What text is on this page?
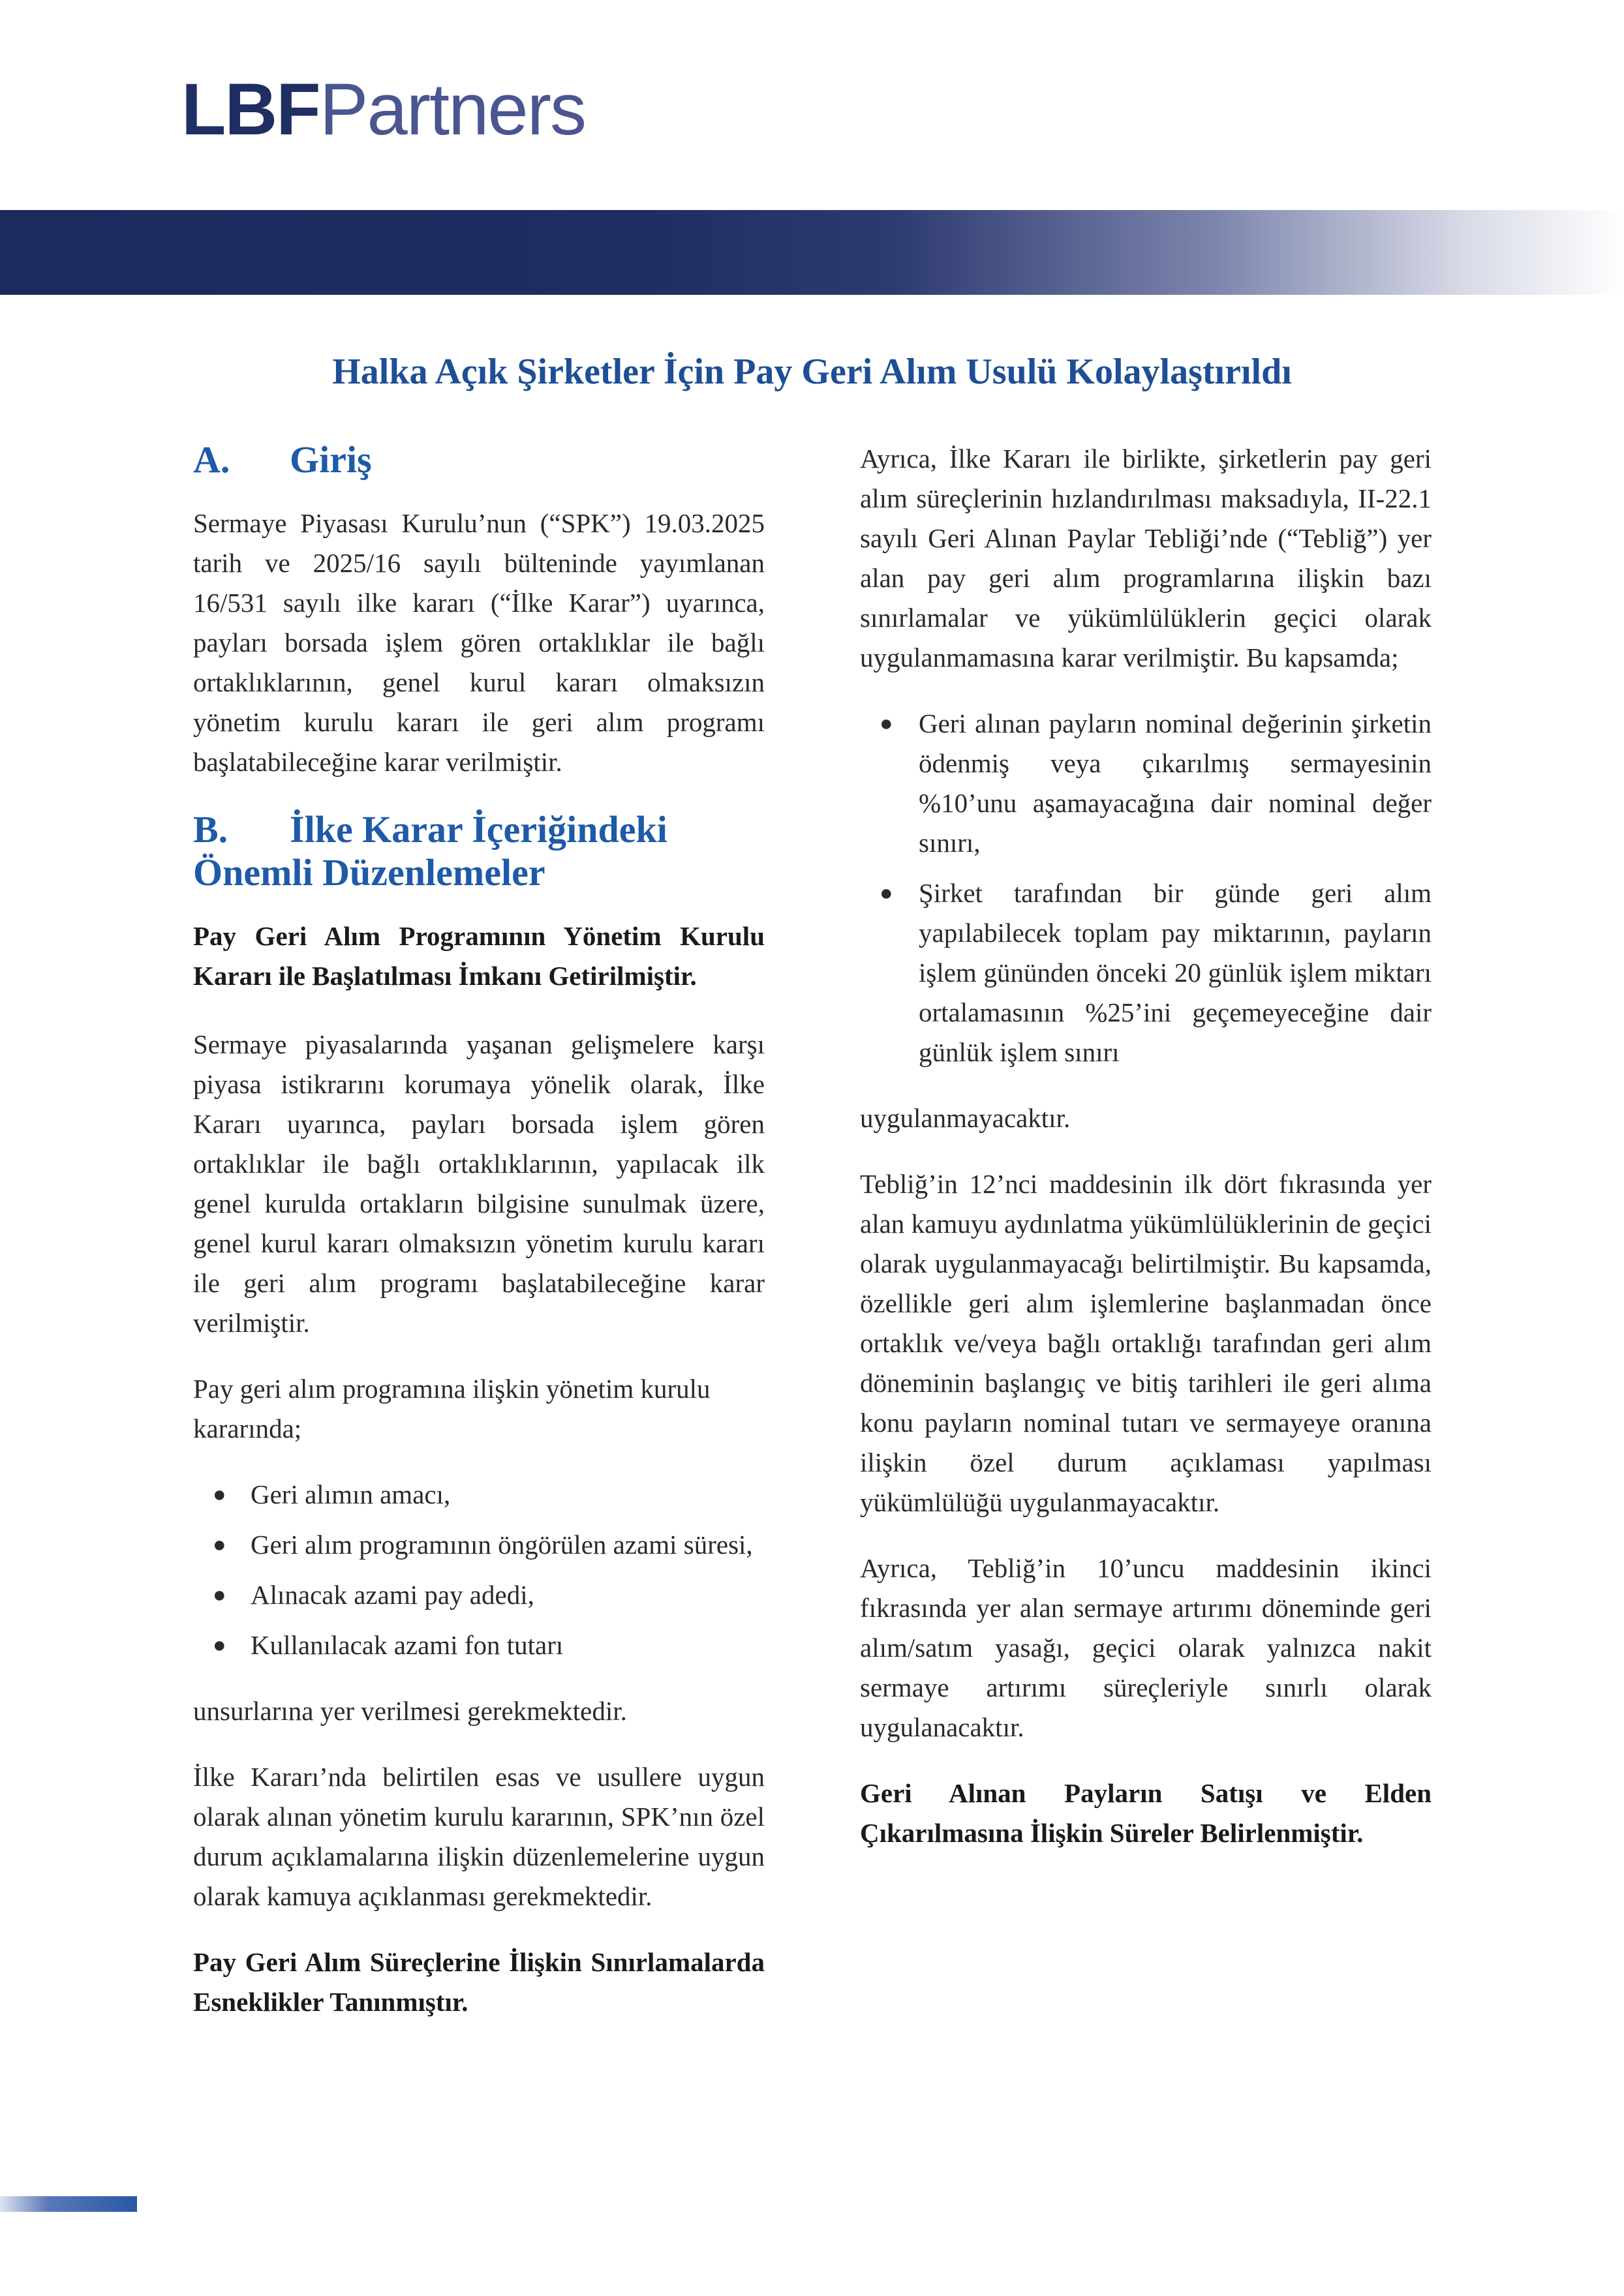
LBFPartners
Halka Açık Şirketler İçin Pay Geri Alım Usulü Kolaylaştırıldı
A. Giriş

Sermaye Piyasası Kurulu’nun (“SPK”) 19.03.2025 tarih ve 2025/16 sayılı bülteninde yayımlanan 16/531 sayılı ilke kararı (“İlke Karar”) uyarınca, payları borsada işlem gören ortaklıklar ile bağlı ortaklıklarının, genel kurul kararı olmaksızın yönetim kurulu kararı ile geri alım programı başlatabileceğine karar verilmiştir.

B. İlke Karar İçeriğindeki
Önemli Düzenlemeler

Pay Geri Alım Programının Yönetim Kurulu Kararı ile Başlatılması İmkanı Getirilmiştir.

Sermaye piyasalarında yaşanan gelişmelere karşı piyasa istikrarını korumaya yönelik olarak, İlke Kararı uyarınca, payları borsada işlem gören ortaklıklar ile bağlı ortaklıklarının, yapılacak ilk genel kurulda ortakların bilgisine sunulmak üzere, genel kurul kararı olmaksızın yönetim kurulu kararı ile geri alım programı başlatabileceğine karar verilmiştir.

Pay geri alım programına ilişkin yönetim kurulu kararında;

● Geri alımın amacı,
● Geri alım programının öngörülen azami süresi,
● Alınacak azami pay adedi,
● Kullanılacak azami fon tutarı

unsurlarına yer verilmesi gerekmektedir.

İlke Kararı’nda belirtilen esas ve usullere uygun olarak alınan yönetim kurulu kararının, SPK’nın özel durum açıklamalarına ilişkin düzenlemelerine uygun olarak kamuya açıklanması gerekmektedir.

Pay Geri Alım Süreçlerine İlişkin Sınırlamalarda Esneklikler Tanınmıştır.

Ayrıca, İlke Kararı ile birlikte, şirketlerin pay geri alım süreçlerinin hızlandırılması maksadıyla, II-22.1 sayılı Geri Alınan Paylar Tebliği’nde (“Tebliğ”) yer alan pay geri alım programlarına ilişkin bazı sınırlamalar ve yükümlülüklerin geçici olarak uygulanmamasına karar verilmiştir. Bu kapsamda;

● Geri alınan payların nominal değerinin şirketin ödenmiş veya çıkarılmış sermayesinin %10’unu aşamayacağına dair nominal değer sınırı,
● Şirket tarafından bir günde geri alım yapılabilecek toplam pay miktarının, payların işlem gününden önceki 20 günlük işlem miktarı ortalamasının %25’ini geçemeyeceğine dair günlük işlem sınırı

uygulanmayacaktır.

Tebliğ’in 12’nci maddesinin ilk dört fıkrasında yer alan kamuyu aydınlatma yükümlülüklerinin de geçici olarak uygulanmayacağı belirtilmiştir. Bu kapsamda, özellikle geri alım işlemlerine başlanmadan önce ortaklık ve/veya bağlı ortaklığı tarafından geri alım döneminin başlangıç ve bitiş tarihleri ile geri alıma konu payların nominal tutarı ve sermayeye oranına ilişkin özel durum açıklaması yapılması yükümlülüğü uygulanmayacaktır.

Ayrıca, Tebliğ’in 10’uncu maddesinin ikinci fıkrasında yer alan sermaye artırımı döneminde geri alım/satım yasağı, geçici olarak yalnızca nakit sermaye artırımı süreçleriyle sınırlı olarak uygulanacaktır.

Geri Alınan Payların Satışı ve Elden Çıkarılmasına İlişkin Süreler Belirlenmiştir.
